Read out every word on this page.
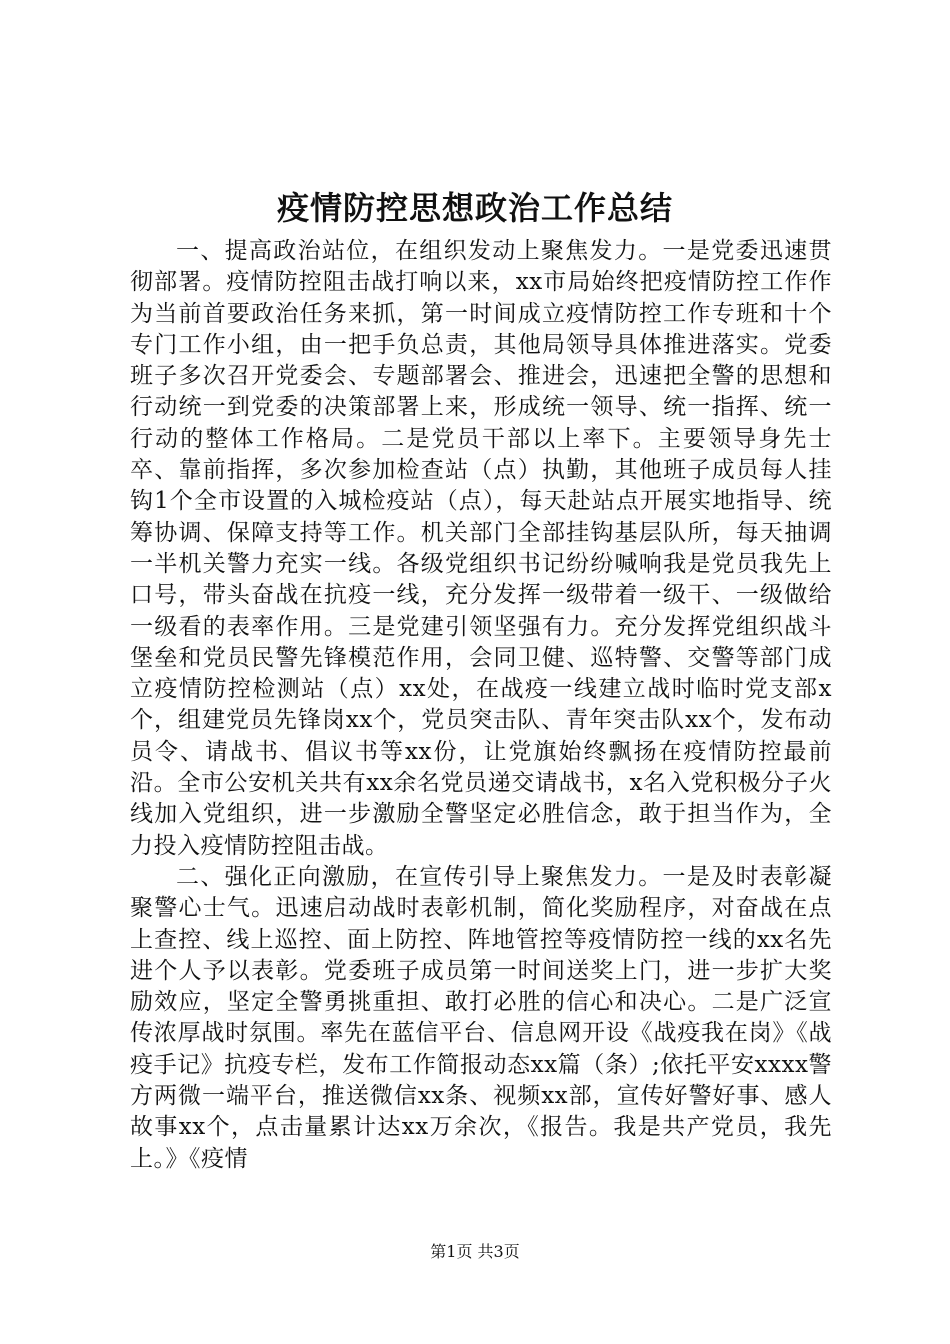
疫情防控思想政治工作总结

一、提高政治站位，在组织发动上聚焦发力。一是党委迅速贯彻部署。疫情防控阻击战打响以来，xx市局始终把疫情防控工作作为当前首要政治任务来抓，第一时间成立疫情防控工作专班和十个专门工作小组，由一把手负总责，其他局领导具体推进落实。党委班子多次召开党委会、专题部署会、推进会，迅速把全警的思想和行动统一到党委的决策部署上来，形成统一领导、统一指挥、统一行动的整体工作格局。二是党员干部以上率下。主要领导身先士卒、靠前指挥，多次参加检查站（点）执勤，其他班子成员每人挂钩1个全市设置的入城检疫站（点），每天赴站点开展实地指导、统筹协调、保障支持等工作。机关部门全部挂钩基层队所，每天抽调一半机关警力充实一线。各级党组织书记纷纷喊响我是党员我先上口号，带头奋战在抗疫一线，充分发挥一级带着一级干、一级做给一级看的表率作用。三是党建引领坚强有力。充分发挥党组织战斗堡垒和党员民警先锋模范作用，会同卫健、巡特警、交警等部门成立疫情防控检测站（点）xx处，在战疫一线建立战时临时党支部x个，组建党员先锋岗xx个，党员突击队、青年突击队xx个，发布动员令、请战书、倡议书等xx份，让党旗始终飘扬在疫情防控最前沿。全市公安机关共有xx余名党员递交请战书，x名入党积极分子火线加入党组织，进一步激励全警坚定必胜信念，敢于担当作为，全力投入疫情防控阻击战。

二、强化正向激励，在宣传引导上聚焦发力。一是及时表彰凝聚警心士气。迅速启动战时表彰机制，简化奖励程序，对奋战在点上查控、线上巡控、面上防控、阵地管控等疫情防控一线的xx名先进个人予以表彰。党委班子成员第一时间送奖上门，进一步扩大奖励效应，坚定全警勇挑重担、敢打必胜的信心和决心。二是广泛宣传浓厚战时氛围。率先在蓝信平台、信息网开设《战疫我在岗》《战疫手记》抗疫专栏，发布工作简报动态xx篇（条）;依托平安xxxx警方两微一端平台，推送微信xx条、视频xx部，宣传好警好事、感人故事xx个，点击量累计达xx万余次，《报告。我是共产党员，我先上。》《疫情

第1页 共3页
